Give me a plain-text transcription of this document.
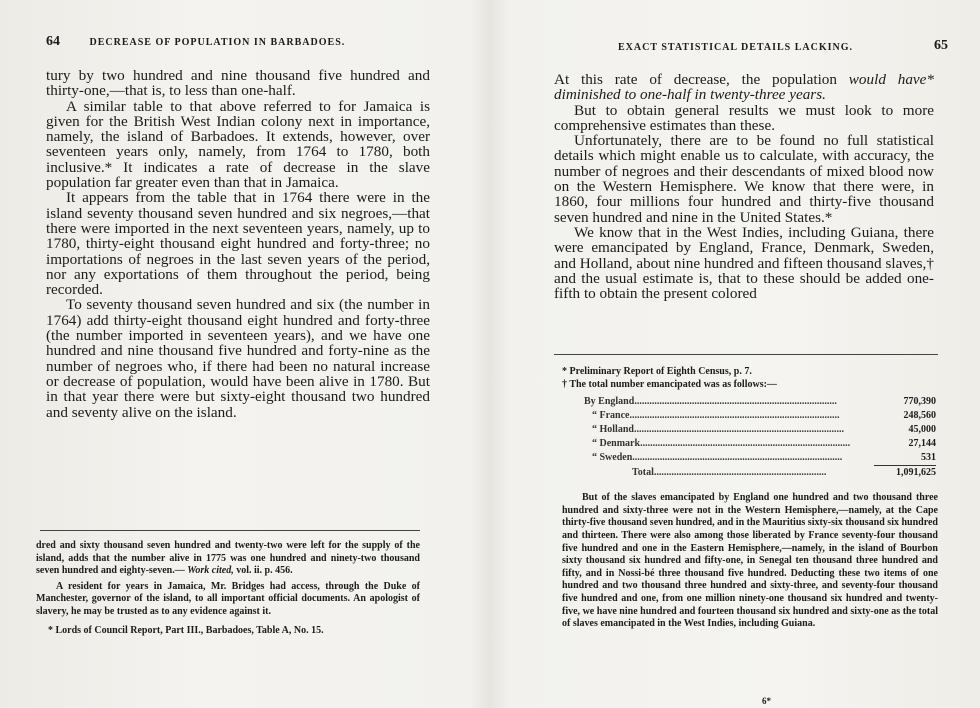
64	DECREASE OF POPULATION IN BARBADOES.

tury by two hundred and nine thousand five hundred and thirty-one,—that is, to less than one-half.

A similar table to that above referred to for Jamaica is given for the British West Indian colony next in importance, namely, the island of Barbadoes. It extends, however, over seventeen years only, namely, from 1764 to 1780, both inclusive.* It indicates a rate of decrease in the slave population far greater even than that in Jamaica.

It appears from the table that in 1764 there were in the island seventy thousand seven hundred and six negroes,—that there were imported in the next seventeen years, namely, up to 1780, thirty-eight thousand eight hundred and forty-three; no importations of negroes in the last seven years of the period, nor any exportations of them throughout the period, being recorded.

To seventy thousand seven hundred and six (the number in 1764) add thirty-eight thousand eight hundred and forty-three (the number imported in seventeen years), and we have one hundred and nine thousand five hundred and forty-nine as the number of negroes who, if there had been no natural increase or decrease of population, would have been alive in 1780. But in that year there were but sixty-eight thousand two hundred and seventy alive on the island.

dred and sixty thousand seven hundred and twenty-two were left for the supply of the island, adds that the number alive in 1775 was one hundred and ninety-two thousand seven hundred and eighty-seven.— Work cited, vol. ii. p. 456.

A resident for years in Jamaica, Mr. Bridges had access, through the Duke of Manchester, governor of the island, to all important official documents. An apologist of slavery, he may be trusted as to any evidence against it.

* Lords of Council Report, Part III., Barbadoes, Table A, No. 15.

EXACT STATISTICAL DETAILS LACKING.	65

At this rate of decrease, the population would have* diminished to one-half in twenty-three years.

But to obtain general results we must look to more comprehensive estimates than these.

Unfortunately, there are to be found no full statistical details which might enable us to calculate, with accuracy, the number of negroes and their descendants of mixed blood now on the Western Hemisphere. We know that there were, in 1860, four millions four hundred and thirty-five thousand seven hundred and nine in the United States.*

We know that in the West Indies, including Guiana, there were emancipated by England, France, Denmark, Sweden, and Holland, about nine hundred and fifteen thousand slaves,† and the usual estimate is, that to these should be added one-fifth to obtain the present colored

* Preliminary Report of Eighth Census, p. 7.

† The total number emancipated was as follows:—

	By England.................................................................................	770,390
	“ France....................................................................................	248,560
	“ Holland....................................................................................	45,000
	“ Denmark....................................................................................	27,144
	“ Sweden....................................................................................	531
	Total.....................................................................	1,091,625

But of the slaves emancipated by England one hundred and two thousand three hundred and sixty-three were not in the Western Hemisphere,—namely, at the Cape thirty-five thousand seven hundred, and in the Mauritius sixty-six thousand six hundred and thirteen. There were also among those liberated by France seventy-four thousand five hundred and one in the Eastern Hemisphere,—namely, in the island of Bourbon sixty thousand six hundred and fifty-one, in Senegal ten thousand three hundred and fifty, and in Nossi-bé three thousand five hundred. Deducting these two items of one hundred and two thousand three hundred and sixty-three, and seventy-four thousand five hundred and one, from one million ninety-one thousand six hundred and twenty-five, we have nine hundred and fourteen thousand six hundred and sixty-one as the total of slaves emancipated in the West Indies, including Guiana.

6*
